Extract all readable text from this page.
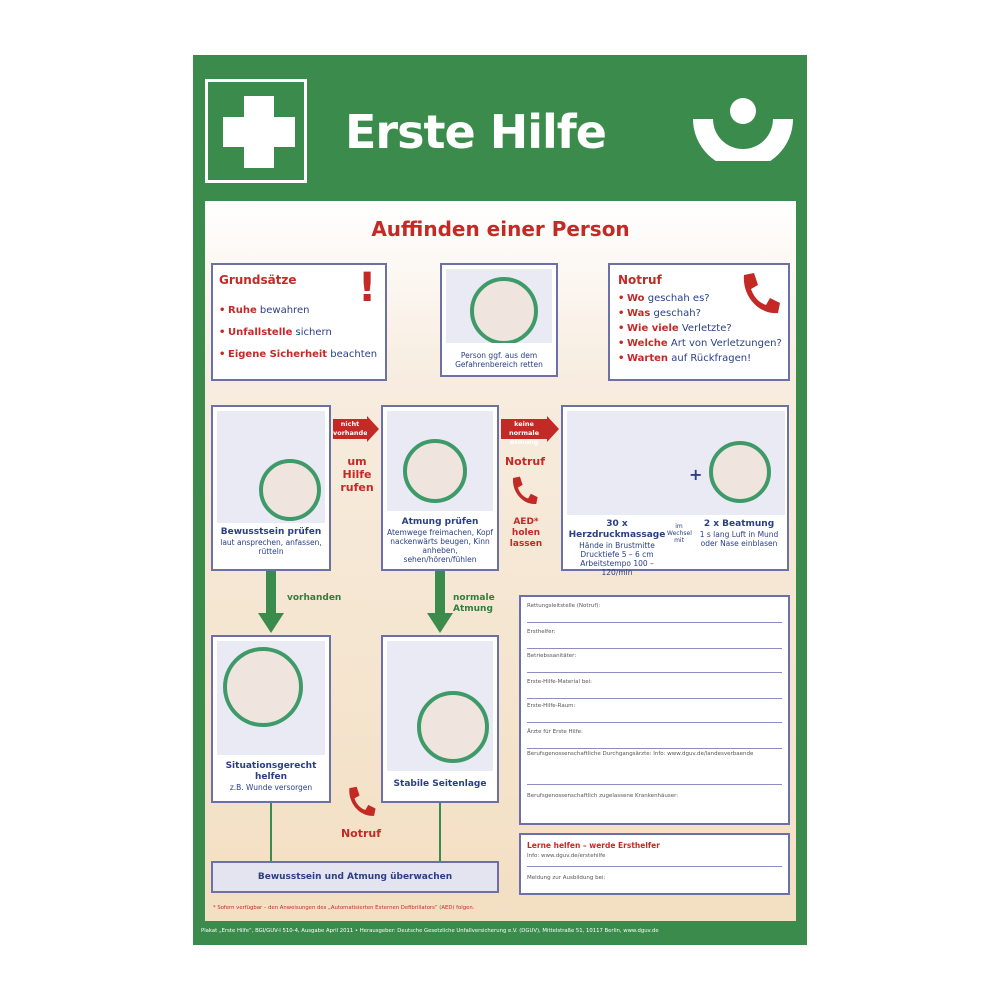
Erste Hilfe
Auffinden einer Person
Grundsätze !
• Ruhe bewahren
• Unfallstelle sichern
• Eigene Sicherheit beachten	Person ggf. aus dem Gefahrenbereich retten
Notruf
• Wo geschah es?
• Was geschah?
• Wie viele Verletzte?
• Welche Art von Verletzungen?
• Warten auf Rückfragen!
Bewusstsein prüfen
laut ansprechen, anfassen, rütteln
nicht vorhanden
um Hilfe rufen
Atmung prüfen
Atemwege freimachen, Kopf nackenwärts beugen, Kinn anheben, sehen/hören/fühlen
keine normale Atmung
Notruf
AED* holen lassen
+
30 x Herzdruckmassage
Hände in Brustmitte Drucktiefe 5 – 6 cm Arbeitstempo 100 – 120/min
im Wechsel mit
2 x Beatmung
1 s lang Luft in Mund oder Nase einblasen
vorhanden	normale Atmung
Situationsgerecht helfen
z.B. Wunde versorgen	Stabile Seitenlage
Notruf
Bewusstsein und Atmung überwachen
Rettungsleitstelle (Notruf):
Ersthelfer:
Betriebssanitäter:
Erste-Hilfe-Material bei:
Erste-Hilfe-Raum:
Ärzte für Erste Hilfe:
Berufsgenossenschaftliche Durchgangsärzte: Info: www.dguv.de/landesverbaende
Berufsgenossenschaftlich zugelassene Krankenhäuser:
Lerne helfen – werde Ersthelfer
Info: www.dguv.de/erstehilfe
Meldung zur Ausbildung bei:
* Sofern verfügbar – den Anweisungen des „Automatisierten Externen Defibrillators“ (AED) folgen.
Plakat „Erste Hilfe“, BGI/GUV-I 510-4, Ausgabe April 2011 • Herausgeber: Deutsche Gesetzliche Unfallversicherung e.V. (DGUV), Mittelstraße 51, 10117 Berlin, www.dguv.de
